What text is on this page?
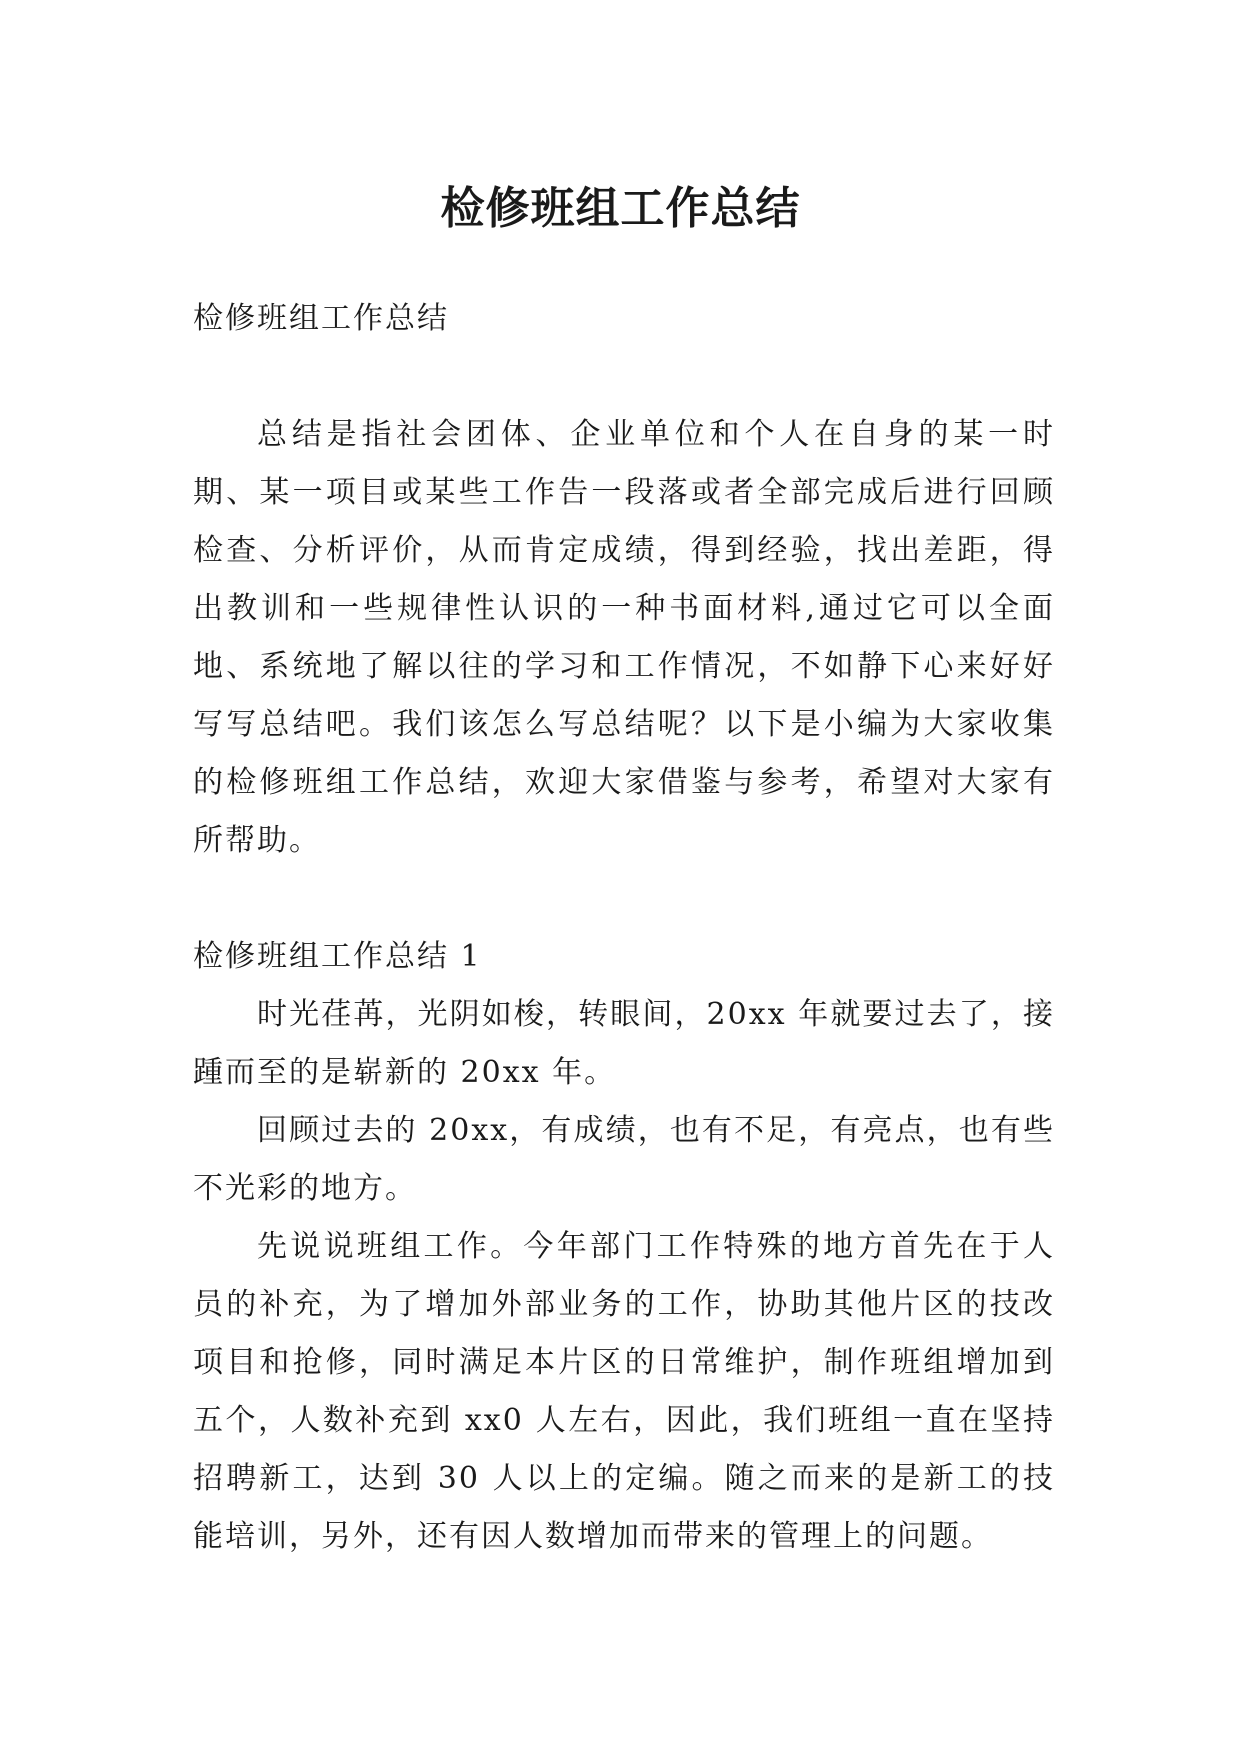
检修班组工作总结

检修班组工作总结

总结是指社会团体、企业单位和个人在自身的某一时期、某一项目或某些工作告一段落或者全部完成后进行回顾检查、分析评价，从而肯定成绩，得到经验，找出差距，得出教训和一些规律性认识的一种书面材料,通过它可以全面地、系统地了解以往的学习和工作情况，不如静下心来好好写写总结吧。我们该怎么写总结呢？以下是小编为大家收集的检修班组工作总结，欢迎大家借鉴与参考，希望对大家有所帮助。

检修班组工作总结 1

时光荏苒，光阴如梭，转眼间，20xx 年就要过去了，接踵而至的是崭新的 20xx 年。

回顾过去的 20xx，有成绩，也有不足，有亮点，也有些不光彩的地方。

先说说班组工作。今年部门工作特殊的地方首先在于人员的补充，为了增加外部业务的工作，协助其他片区的技改项目和抢修，同时满足本片区的日常维护，制作班组增加到五个，人数补充到 xx0 人左右，因此，我们班组一直在坚持招聘新工，达到 30 人以上的定编。随之而来的是新工的技能培训，另外，还有因人数增加而带来的管理上的问题。
